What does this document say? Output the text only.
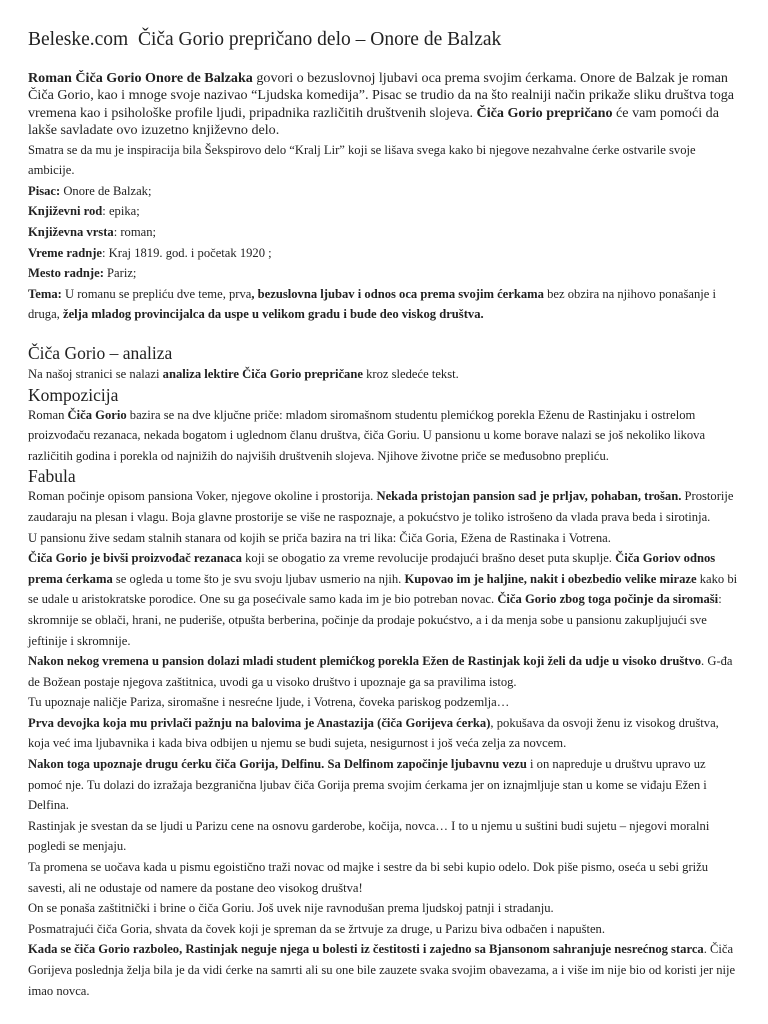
Beleske.com Čiča Gorio prepričano delo – Onore de Balzak

Roman Čiča Gorio Onore de Balzaka govori o bezuslovnoj ljubavi oca prema svojim ćerkama. Onore de Balzak je roman Čiča Gorio, kao i mnoge svoje nazivao “Ljudska komedija”. Pisac se trudio da na što realniji način prikaže sliku društva toga vremena kao i psihološke profile ljudi, pripadnika različitih društvenih slojeva. Čiča Gorio prepričano će vam pomoći da lakše savladate ovo izuzetno književno delo.

Smatra se da mu je inspiracija bila Šekspirovo delo “Kralj Lir” koji se lišava svega kako bi njegove nezahvalne ćerke ostvarile svoje ambicije.

Pisac: Onore de Balzak;

Književni rod: epika;

Književna vrsta: roman;

Vreme radnje: Kraj 1819. god. i početak 1920 ;

Mesto radnje: Pariz;

Tema: U romanu se prepliću dve teme, prva, bezuslovna ljubav i odnos oca prema svojim ćerkama bez obzira na njihovo ponašanje i druga, želja mladog provincijalca da uspe u velikom gradu i bude deo viskog društva.

Čiča Gorio – analiza

Na našoj stranici se nalazi analiza lektire Čiča Gorio prepričane kroz sledeće tekst.

Kompozicija

Roman Čiča Gorio bazira se na dve ključne priče: mladom siromašnom studentu plemićkog porekla Eženu de Rastinjaku i ostrelom proizvođaču rezanaca, nekada bogatom i uglednom članu društva, čiča Goriu. U pansionu u kome borave nalazi se još nekoliko likova različitih godina i porekla od najnižih do najviših društvenih slojeva. Njihove životne priče se međusobno prepliću.

Fabula

Roman počinje opisom pansiona Voker, njegove okoline i prostorija. Nekada pristojan pansion sad je prljav, pohaban, trošan. Prostorije zaudaraju na plesan i vlagu. Boja glavne prostorije se više ne raspoznaje, a pokućstvo je toliko istrošeno da vlada prava beda i sirotinja.

U pansionu žive sedam stalnih stanara od kojih se priča bazira na tri lika: Čiča Goria, Ežena de Rastinaka i Votrena.

Čiča Gorio je bivši proizvođač rezanaca koji se obogatio za vreme revolucije prodajući brašno deset puta skuplje. Čiča Goriov odnos prema ćerkama se ogleda u tome što je svu svoju ljubav usmerio na njih. Kupovao im je haljine, nakit i obezbedio velike miraze kako bi se udale u aristokratske porodice. One su ga posećivale samo kada im je bio potreban novac. Čiča Gorio zbog toga počinje da siromaši: skromnije se oblači, hrani, ne puderiše, otpušta berberina, počinje da prodaje pokućstvo, a i da menja sobe u pansionu zakupljujući sve jeftinije i skromnije.

Nakon nekog vremena u pansion dolazi mladi student plemićkog porekla Ežen de Rastinjak koji želi da udje u visoko društvo. G-đa de Božean postaje njegova zaštitnica, uvodi ga u visoko društvo i upoznaje ga sa pravilima istog.

Tu upoznaje naličje Pariza, siromašne i nesrećne ljude, i Votrena, čoveka pariskog podzemlja…

Prva devojka koja mu privlači pažnju na balovima je Anastazija (čiča Gorijeva ćerka), pokušava da osvoji ženu iz visokog društva, koja već ima ljubavnika i kada biva odbijen u njemu se budi sujeta, nesigurnost i još veća zelja za novcem.

Nakon toga upoznaje drugu ćerku čiča Gorija, Delfinu. Sa Delfinom započinje ljubavnu vezu i on napreduje u društvu upravo uz pomoć nje. Tu dolazi do izražaja bezgranična ljubav čiča Gorija prema svojim ćerkama jer on iznajmljuje stan u kome se viđaju Ežen i Delfina.

Rastinjak je svestan da se ljudi u Parizu cene na osnovu garderobe, kočija, novca… I to u njemu u suštini budi sujetu – njegovi moralni pogledi se menjaju.

Ta promena se uočava kada u pismu egoistično traži novac od majke i sestre da bi sebi kupio odelo. Dok piše pismo, oseća u sebi grižu savesti, ali ne odustaje od namere da postane deo visokog društva!

On se ponaša zaštitnički i brine o čiča Goriu. Još uvek nije ravnodušan prema ljudskoj patnji i stradanju.

Posmatrajući čiča Goria, shvata da čovek koji je spreman da se žrtvuje za druge, u Parizu biva odbačen i napušten.

Kada se čiča Gorio razboleo, Rastinjak neguje njega u bolesti iz čestitosti i zajedno sa Bjansonom sahranjuje nesrećnog starca. Čiča Gorijeva poslednja želja bila je da vidi ćerke na samrti ali su one bile zauzete svaka svojim obavezama, a i više im nije bio od koristi jer nije imao novca.
